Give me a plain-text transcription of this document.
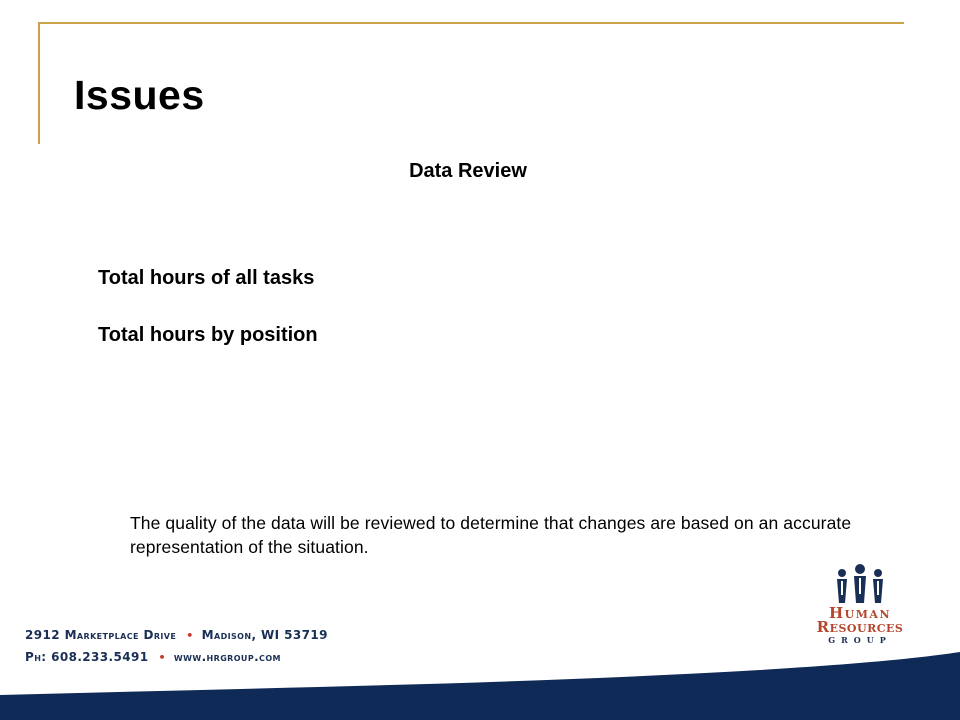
Issues
Data Review
Total hours of all tasks
Total hours by position
The quality of the data will be reviewed to determine that changes are based on an accurate representation of the situation.
2912 Marketplace Drive • Madison, WI 53719
Ph: 608.233.5491 • www.hrgroup.com
Human
Resources
GROUP
